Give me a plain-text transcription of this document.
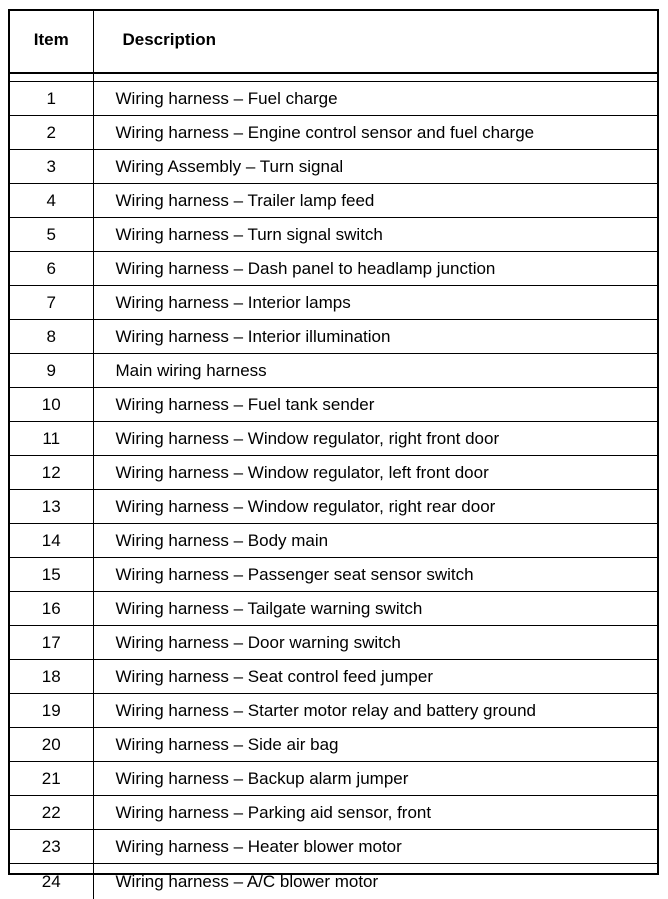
Item	Description

1	Wiring harness – Fuel charge
2	Wiring harness – Engine control sensor and fuel charge
3	Wiring Assembly – Turn signal
4	Wiring harness – Trailer lamp feed
5	Wiring harness – Turn signal switch
6	Wiring harness – Dash panel to headlamp junction
7	Wiring harness – Interior lamps
8	Wiring harness – Interior illumination
9	Main wiring harness
10	Wiring harness – Fuel tank sender
11	Wiring harness – Window regulator, right front door
12	Wiring harness – Window regulator, left front door
13	Wiring harness – Window regulator, right rear door
14	Wiring harness – Body main
15	Wiring harness – Passenger seat sensor switch
16	Wiring harness – Tailgate warning switch
17	Wiring harness – Door warning switch
18	Wiring harness – Seat control feed jumper
19	Wiring harness – Starter motor relay and battery ground
20	Wiring harness – Side air bag
21	Wiring harness – Backup alarm jumper
22	Wiring harness – Parking aid sensor, front
23	Wiring harness – Heater blower motor
24	Wiring harness – A/C blower motor
